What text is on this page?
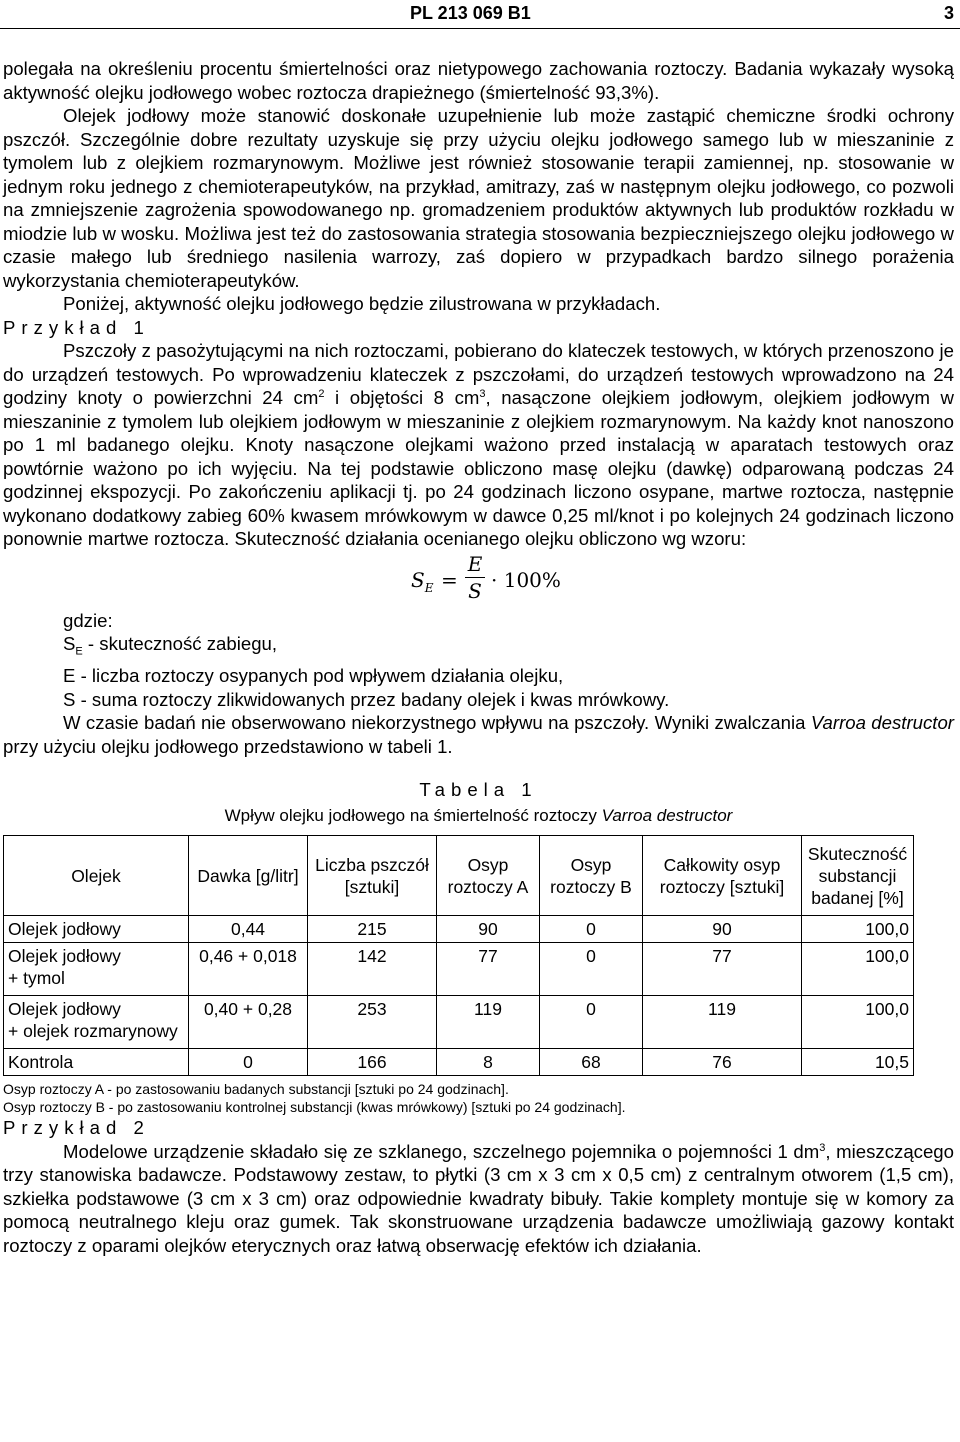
PL 213 069 B1	3

polegała na określeniu procentu śmiertelności oraz nietypowego zachowania roztoczy. Badania wykazały wysoką aktywność olejku jodłowego wobec roztocza drapieżnego (śmiertelność 93,3%).

Olejek jodłowy może stanowić doskonałe uzupełnienie lub może zastąpić chemiczne środki ochrony pszczół. Szczególnie dobre rezultaty uzyskuje się przy użyciu olejku jodłowego samego lub w mieszaninie z tymolem lub z olejkiem rozmarynowym. Możliwe jest również stosowanie terapii zamiennej, np. stosowanie w jednym roku jednego z chemioterapeutyków, na przykład, amitrazy, zaś w następnym olejku jodłowego, co pozwoli na zmniejszenie zagrożenia spowodowanego np. gromadzeniem produktów aktywnych lub produktów rozkładu w miodzie lub w wosku. Możliwa jest też do zastosowania strategia stosowania bezpieczniejszego olejku jodłowego w czasie małego lub średniego nasilenia warrozy, zaś dopiero w przypadkach bardzo silnego porażenia wykorzystania chemioterapeutyków.

Poniżej, aktywność olejku jodłowego będzie zilustrowana w przykładach.

Przykład 1

Pszczoły z pasożytującymi na nich roztoczami, pobierano do klateczek testowych, w których przenoszono je do urządzeń testowych. Po wprowadzeniu klateczek z pszczołami, do urządzeń testowych wprowadzono na 24 godziny knoty o powierzchni 24 $cm^2$ i objętości 8 $cm^3$, nasączone olejkiem jodłowym, olejkiem jodłowym w mieszaninie z tymolem lub olejkiem jodłowym w mieszaninie z olejkiem rozmarynowym. Na każdy knot nanoszono po 1 ml badanego olejku. Knoty nasączone olejkami ważono przed instalacją w aparatach testowych oraz powtórnie ważono po ich wyjęciu. Na tej podstawie obliczono masę olejku (dawkę) odparowaną podczas 24 godzinnej ekspozycji. Po zakończeniu aplikacji tj. po 24 godzinach liczono osypane, martwe roztocza, następnie wykonano dodatkowy zabieg 60% kwasem mrówkowym w dawce 0,25 ml/knot i po kolejnych 24 godzinach liczono ponownie martwe roztocza. Skuteczność działania ocenianego olejku obliczono wg wzoru:

$S_E = \frac{E}{S} \cdot 100\%$

gdzie:

$S_E$ - skuteczność zabiegu,

E - liczba roztoczy osypanych pod wpływem działania olejku,

S - suma roztoczy zlikwidowanych przez badany olejek i kwas mrówkowy.

W czasie badań nie obserwowano niekorzystnego wpływu na pszczoły. Wyniki zwalczania Varroa destructor przy użyciu olejku jodłowego przedstawiono w tabeli 1.

Tabela 1
Wpływ olejku jodłowego na śmiertelność roztoczy Varroa destructor
Olejek	Dawka [g/litr]	Liczba pszczół [sztuki]	Osyp roztoczy A	Osyp roztoczy B	Całkowity osyp roztoczy [sztuki]	Skuteczność substancji badanej [%]
Olejek jodłowy	0,44	215	90	0	90	100,0
Olejek jodłowy
+ tymol	0,46 + 0,018	142	77	0	77	100,0
Olejek jodłowy
+ olejek rozmarynowy	0,40 + 0,28	253	119	0	119	100,0
Kontrola	0	166	8	68	76	10,5
Osyp roztoczy A - po zastosowaniu badanych substancji [sztuki po 24 godzinach].
Osyp roztoczy B - po zastosowaniu kontrolnej substancji (kwas mrówkowy) [sztuki po 24 godzinach].

Przykład 2

Modelowe urządzenie składało się ze szklanego, szczelnego pojemnika o pojemności 1 $dm^3$, mieszczącego trzy stanowiska badawcze. Podstawowy zestaw, to płytki (3 cm x 3 cm x 0,5 cm) z centralnym otworem (1,5 cm), szkiełka podstawowe (3 cm x 3 cm) oraz odpowiednie kwadraty bibuły. Takie komplety montuje się w komory za pomocą neutralnego kleju oraz gumek. Tak skonstruowane urządzenia badawcze umożliwiają gazowy kontakt roztoczy z oparami olejków eterycznych oraz łatwą obserwację efektów ich działania.
